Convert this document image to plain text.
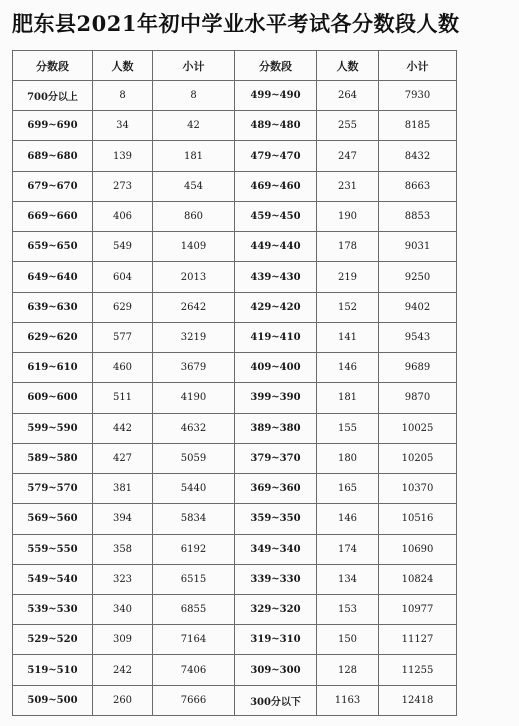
肥东县2021年初中学业水平考试各分数段人数
分数段	人数	小计	分数段	人数	小计
700分以上	8	8	499~490	264	7930
699~690	34	42	489~480	255	8185
689~680	139	181	479~470	247	8432
679~670	273	454	469~460	231	8663
669~660	406	860	459~450	190	8853
659~650	549	1409	449~440	178	9031
649~640	604	2013	439~430	219	9250
639~630	629	2642	429~420	152	9402
629~620	577	3219	419~410	141	9543
619~610	460	3679	409~400	146	9689
609~600	511	4190	399~390	181	9870
599~590	442	4632	389~380	155	10025
589~580	427	5059	379~370	180	10205
579~570	381	5440	369~360	165	10370
569~560	394	5834	359~350	146	10516
559~550	358	6192	349~340	174	10690
549~540	323	6515	339~330	134	10824
539~530	340	6855	329~320	153	10977
529~520	309	7164	319~310	150	11127
519~510	242	7406	309~300	128	11255
509~500	260	7666	300分以下	1163	12418
